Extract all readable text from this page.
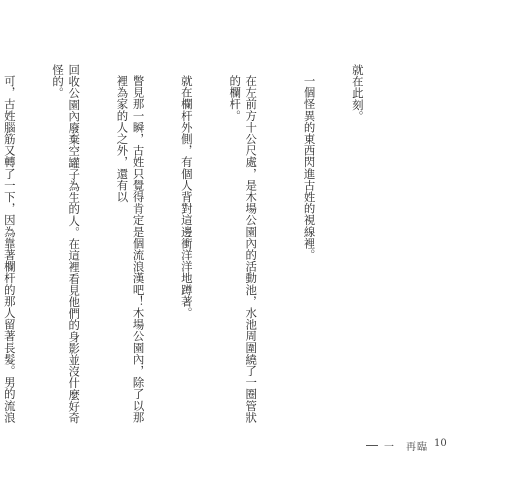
就在此刻。

一個怪異的東西閃進古姓的視線裡。

在左前方十公尺處，是木場公園內的活動池，水池周圍繞了一圈管狀的欄杆。

就在欄杆外側，有個人背對這邊衝洋洋地蹲著。

瞥見那一瞬，古姓只覺得肯定是個流浪漢吧！木場公園內，除了以那裡為家的人之外，還有以

回收公園內廢棄空罐子為生的人。在這裡看見他們的身影並沒什麼好奇怪的。

可，古姓腦筋又轉了一下，因為靠著欄杆的那人留著長髮。男的流浪

一　再臨 10
